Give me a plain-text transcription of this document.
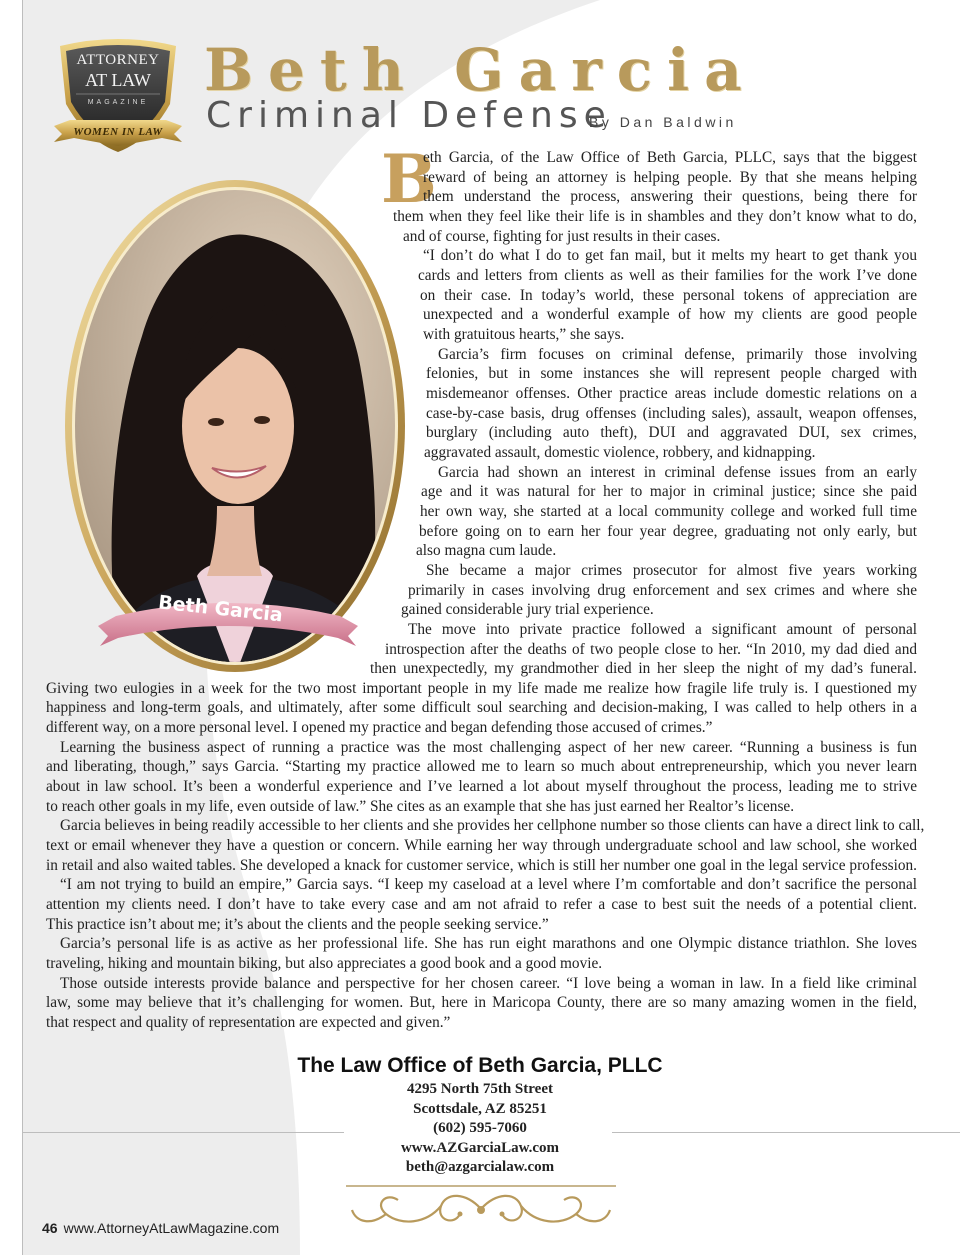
ATTORNEY
AT LAW
MAGAZINE
WOMEN IN LAW
Beth Garcia
Criminal Defense
By Dan Baldwin
Beth Garcia
B
eth Garcia, of the Law Office of Beth Garcia, PLLC, says that the biggest
reward of being an attorney is helping people. By that she means helping
them understand the process, answering their questions, being there for
them when they feel like their life is in shambles and they don’t know what to do,
and of course, fighting for just results in their cases.
“I don’t do what I do to get fan mail, but it melts my heart to get thank you
cards and letters from clients as well as their families for the work I’ve done
on their case. In today’s world, these personal tokens of appreciation are
unexpected and a wonderful example of how my clients are good people
with gratuitous hearts,” she says.
Garcia’s firm focuses on criminal defense, primarily those involving
felonies, but in some instances she will represent people charged with
misdemeanor offenses. Other practice areas include domestic relations on a
case-by-case basis, drug offenses (including sales), assault, weapon offenses,
burglary (including auto theft), DUI and aggravated DUI, sex crimes,
aggravated assault, domestic violence, robbery, and kidnapping.
Garcia had shown an interest in criminal defense issues from an early
age and it was natural for her to major in criminal justice; since she paid
her own way, she started at a local community college and worked full time
before going on to earn her four year degree, graduating not only early, but
also magna cum laude.
She became a major crimes prosecutor for almost five years working
primarily in cases involving drug enforcement and sex crimes and where she
gained considerable jury trial experience.
The move into private practice followed a significant amount of personal
introspection after the deaths of two people close to her. “In 2010, my dad died and
then unexpectedly, my grandmother died in her sleep the night of my dad’s funeral.
Giving two eulogies in a week for the two most important people in my life made me realize how fragile life truly is. I questioned my
happiness and long-term goals, and ultimately, after some difficult soul searching and decision-making, I was called to help others in a
different way, on a more personal level. I opened my practice and began defending those accused of crimes.”
Learning the business aspect of running a practice was the most challenging aspect of her new career. “Running a business is fun
and liberating, though,” says Garcia. “Starting my practice allowed me to learn so much about entrepreneurship, which you never learn
about in law school. It’s been a wonderful experience and I’ve learned a lot about myself throughout the process, leading me to strive
to reach other goals in my life, even outside of law.” She cites as an example that she has just earned her Realtor’s license.
Garcia believes in being readily accessible to her clients and she provides her cellphone number so those clients can have a direct link to call,
text or email whenever they have a question or concern. While earning her way through undergraduate school and law school, she worked
in retail and also waited tables. She developed a knack for customer service, which is still her number one goal in the legal service profession.
“I am not trying to build an empire,” Garcia says. “I keep my caseload at a level where I’m comfortable and don’t sacrifice the personal
attention my clients need. I don’t have to take every case and am not afraid to refer a case to best suit the needs of a potential client.
This practice isn’t about me; it’s about the clients and the people seeking service.”
Garcia’s personal life is as active as her professional life. She has run eight marathons and one Olympic distance triathlon. She loves
traveling, hiking and mountain biking, but also appreciates a good book and a good movie.
Those outside interests provide balance and perspective for her chosen career. “I love being a woman in law. In a field like criminal
law, some may believe that it’s challenging for women. But, here in Maricopa County, there are so many amazing women in the field,
that respect and quality of representation are expected and given.”
The Law Office of Beth Garcia, PLLC
4295 North 75th Street
Scottsdale, AZ 85251
(602) 595-7060
www.AZGarciaLaw.com
beth@azgarcialaw.com
46 www.AttorneyAtLawMagazine.com
